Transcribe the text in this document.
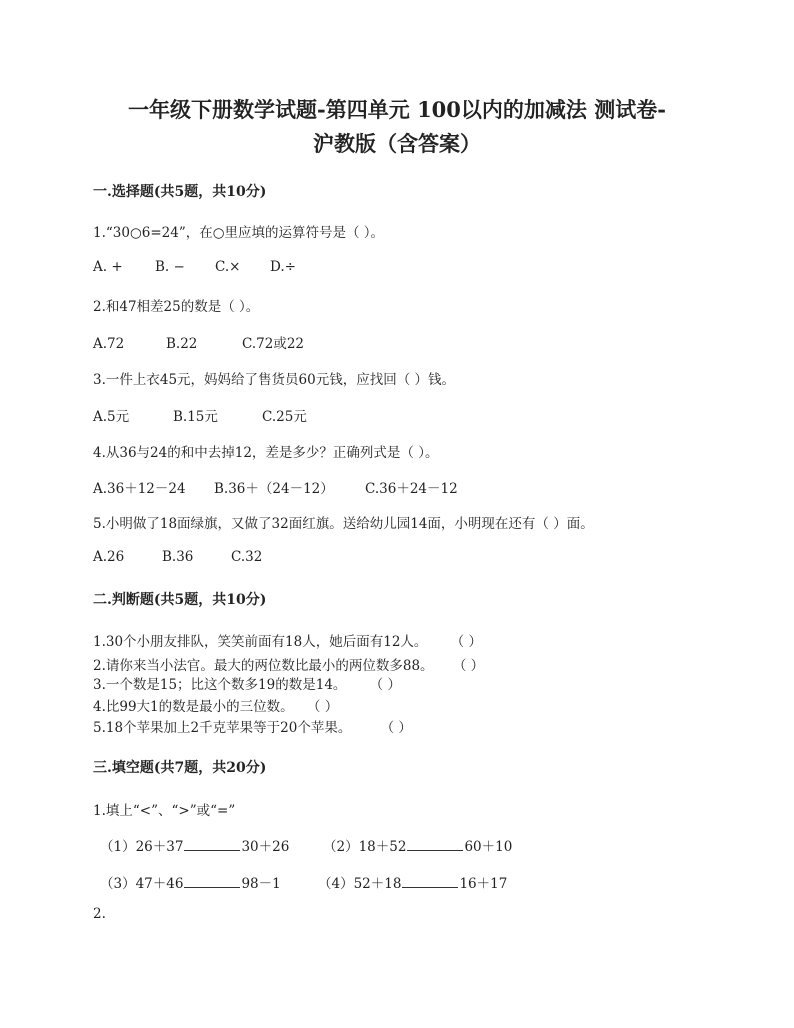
一年级下册数学试题-第四单元 100以内的加减法 测试卷-
沪教版（含答案）
一.选择题(共5题，共10分)
1.“30○6=24”，在○里应填的运算符号是（ ）。
A. + B. − C.× D.÷
2.和47相差25的数是（ ）。
A.72	B.22	C.72或22
3.一件上衣45元，妈妈给了售货员60元钱，应找回（ ）钱。
A.5元	B.15元	C.25元
4.从36与24的和中去掉12，差是多少？正确列式是（ ）。
A.36＋12－24 B.36＋（24－12） C.36＋24－12
5.小明做了18面绿旗，又做了32面红旗。送给幼儿园14面，小明现在还有（ ）面。
A.26	B.36	C.32
二.判断题(共5题，共10分)
1.30个小朋友排队，笑笑前面有18人，她后面有12人。 （ ）
2.请你来当小法官。最大的两位数比最小的两位数多88。 （ ）
3.一个数是15；比这个数多19的数是14。 （ ）
4.比99大1的数是最小的三位数。 （ ）
5.18个苹果加上2千克苹果等于20个苹果。	（ ）
三.填空题(共7题，共20分)
1.填上“<”、“>”或“=”
（1）26＋37	30＋26 （2）18＋52	60＋10
（3）47＋46	98－1	（4）52＋18	16＋17
2.
